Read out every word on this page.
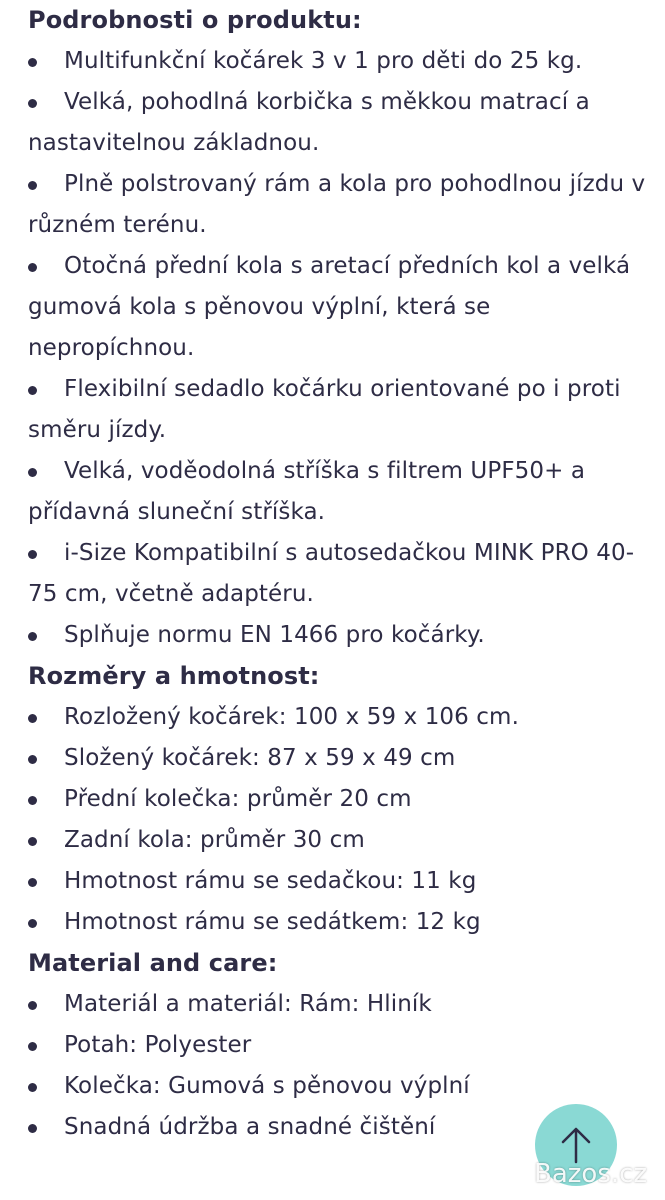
Podrobnosti o produktu:
Multifunkční kočárek 3 v 1 pro děti do 25 kg.
Velká, pohodlná korbička s měkkou matrací a nastavitelnou základnou.
Plně polstrovaný rám a kola pro pohodlnou jízdu v různém terénu.
Otočná přední kola s aretací předních kol a velká gumová kola s pěnovou výplní, která se nepropíchnou.
Flexibilní sedadlo kočárku orientované po i proti směru jízdy.
Velká, voděodolná stříška s filtrem UPF50+ a přídavná sluneční stříška.
i-Size Kompatibilní s autosedačkou MINK PRO 40-75 cm, včetně adaptéru.
Splňuje normu EN 1466 pro kočárky.
Rozměry a hmotnost:
Rozložený kočárek: 100 x 59 x 106 cm.
Složený kočárek: 87 x 59 x 49 cm
Přední kolečka: průměr 20 cm
Zadní kola: průměr 30 cm
Hmotnost rámu se sedačkou: 11 kg
Hmotnost rámu se sedátkem: 12 kg
Material and care:
Materiál a materiál: Rám: Hliník
Potah: Polyester
Kolečka: Gumová s pěnovou výplní
Snadná údržba a snadné čištění
Bazos.cz
